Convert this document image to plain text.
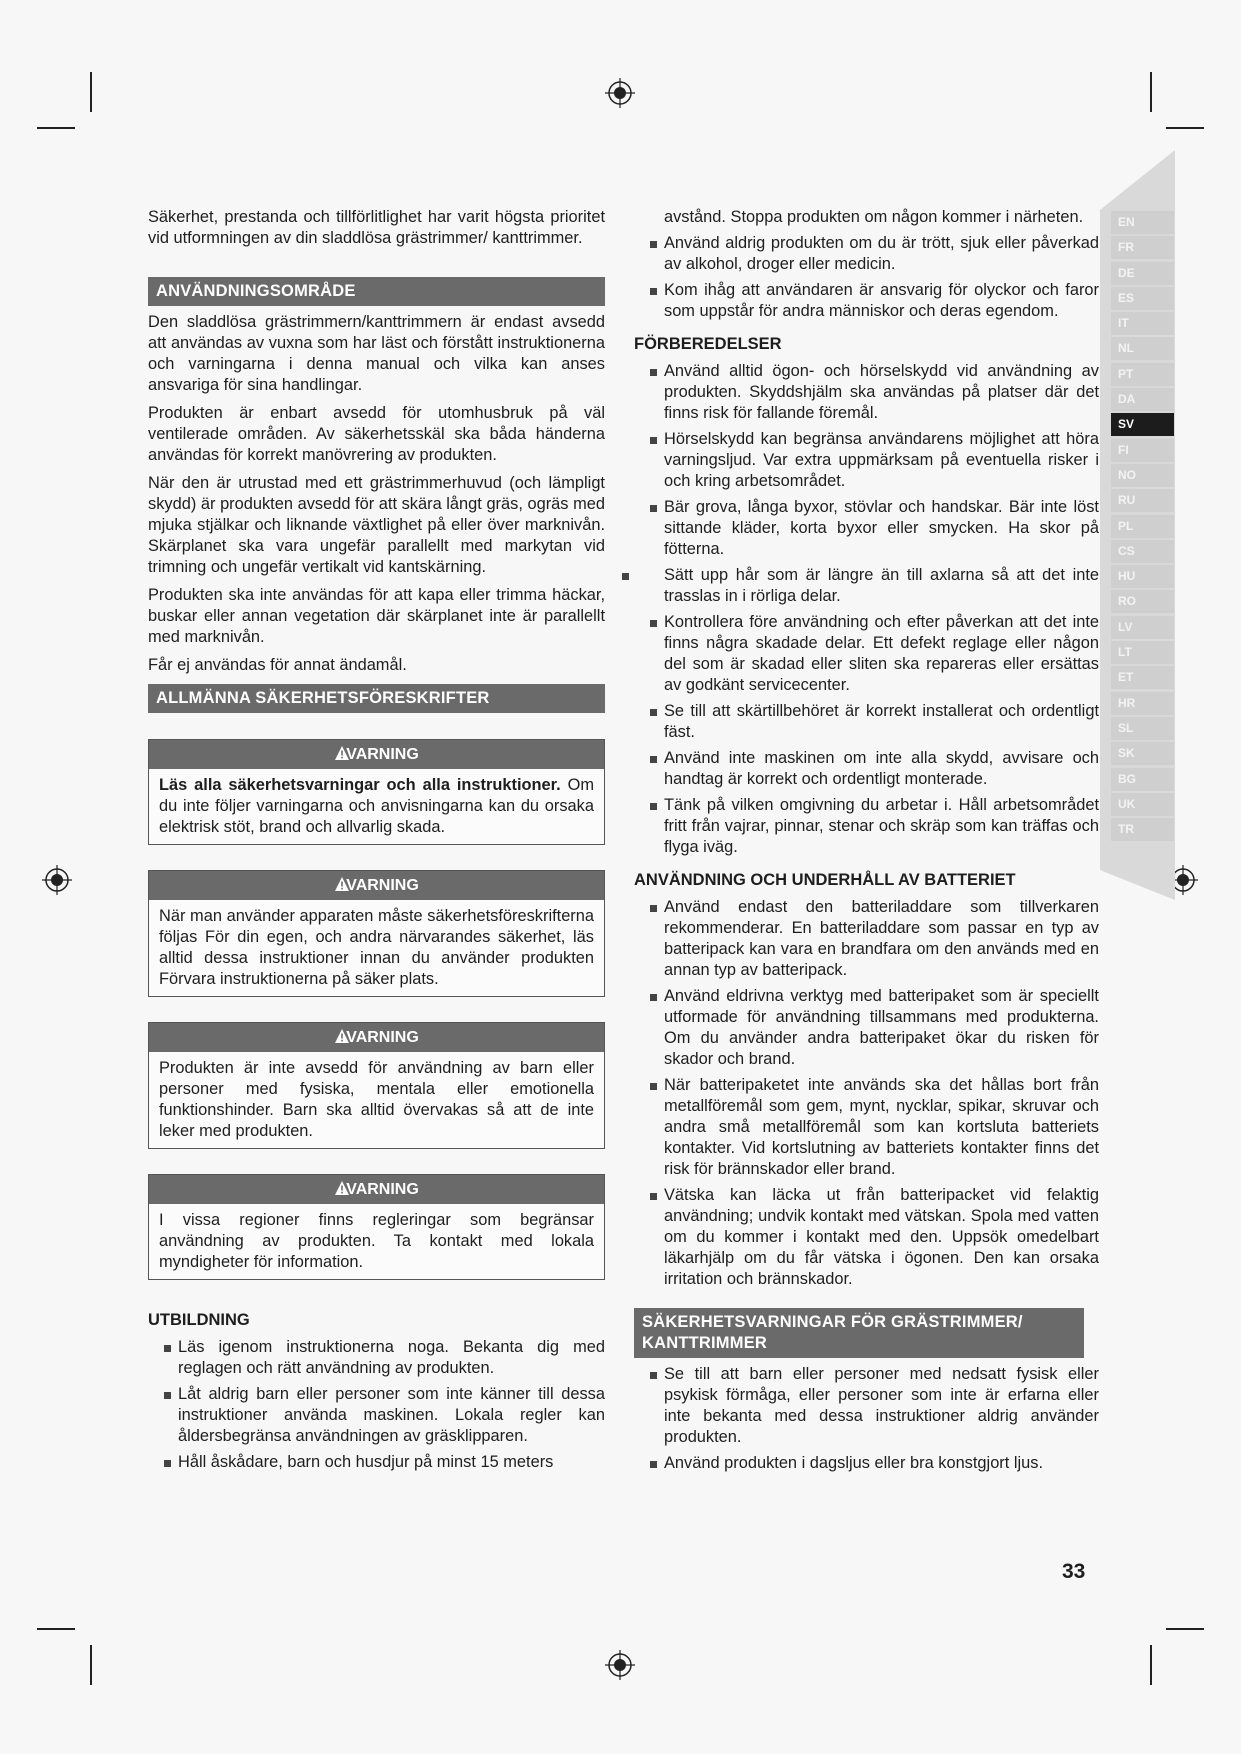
EN
FR
DE
ES
IT
NL
PT
DA
SV
FI
NO
RU
PL
CS
HU
RO
LV
LT
ET
HR
SL
SK
BG
UK
TR

Säkerhet, prestanda och tillförlitlighet har varit högsta prioritet vid utformningen av din sladdlösa grästrimmer/ kanttrimmer.

ANVÄNDNINGSOMRÅDE

Den sladdlösa grästrimmern/kanttrimmern är endast avsedd att användas av vuxna som har läst och förstått instruktionerna och varningarna i denna manual och vilka kan anses ansvariga för sina handlingar.

Produkten är enbart avsedd för utomhusbruk på väl ventilerade områden. Av säkerhetsskäl ska båda händerna användas för korrekt manövrering av produkten.

När den är utrustad med ett grästrimmerhuvud (och lämpligt skydd) är produkten avsedd för att skära långt gräs, ogräs med mjuka stjälkar och liknande växtlighet på eller över marknivån. Skärplanet ska vara ungefär parallellt med markytan vid trimning och ungefär vertikalt vid kantskärning.

Produkten ska inte användas för att kapa eller trimma häckar, buskar eller annan vegetation där skärplanet inte är parallellt med marknivån.

Får ej användas för annat ändamål.

ALLMÄNNA SÄKERHETSFÖRESKRIFTER
VARNING
Läs alla säkerhetsvarningar och alla instruktioner. Om du inte följer varningarna och anvisningarna kan du orsaka elektrisk stöt, brand och allvarlig skada.
VARNING
När man använder apparaten måste säkerhetsföreskrifterna följas För din egen, och andra närvarandes säkerhet, läs alltid dessa instruktioner innan du använder produkten Förvara instruktionerna på säker plats.
VARNING
Produkten är inte avsedd för användning av barn eller personer med fysiska, mentala eller emotionella funktionshinder. Barn ska alltid övervakas så att de inte leker med produkten.
VARNING
I vissa regioner finns regleringar som begränsar användning av produkten. Ta kontakt med lokala myndigheter för information.
UTBILDNING
Läs igenom instruktionerna noga. Bekanta dig med reglagen och rätt användning av produkten.
Låt aldrig barn eller personer som inte känner till dessa instruktioner använda maskinen. Lokala regler kan åldersbegränsa användningen av gräsklipparen.
Håll åskådare, barn och husdjur på minst 15 meters

avstånd. Stoppa produkten om någon kommer i närheten.

Använd aldrig produkten om du är trött, sjuk eller påverkad av alkohol, droger eller medicin.
Kom ihåg att användaren är ansvarig för olyckor och faror som uppstår för andra människor och deras egendom.
FÖRBEREDELSER
Använd alltid ögon- och hörselskydd vid användning av produkten. Skyddshjälm ska användas på platser där det finns risk för fallande föremål.
Hörselskydd kan begränsa användarens möjlighet att höra varningsljud. Var extra uppmärksam på eventuella risker i och kring arbetsområdet.
Bär grova, långa byxor, stövlar och handskar. Bär inte löst sittande kläder, korta byxor eller smycken. Ha skor på fötterna.
Sätt upp hår som är längre än till axlarna så att det inte trasslas in i rörliga delar.
Kontrollera före användning och efter påverkan att det inte finns några skadade delar. Ett defekt reglage eller någon del som är skadad eller sliten ska repareras eller ersättas av godkänt servicecenter.
Se till att skärtillbehöret är korrekt installerat och ordentligt fäst.
Använd inte maskinen om inte alla skydd, avvisare och handtag är korrekt och ordentligt monterade.
Tänk på vilken omgivning du arbetar i. Håll arbetsområdet fritt från vajrar, pinnar, stenar och skräp som kan träffas och flyga iväg.
ANVÄNDNING OCH UNDERHÅLL AV BATTERIET
Använd endast den batteriladdare som tillverkaren rekommenderar. En batteriladdare som passar en typ av batteripack kan vara en brandfara om den används med en annan typ av batteripack.
Använd eldrivna verktyg med batteripaket som är speciellt utformade för användning tillsammans med produkterna. Om du använder andra batteripaket ökar du risken för skador och brand.
När batteripaketet inte används ska det hållas bort från metallföremål som gem, mynt, nycklar, spikar, skruvar och andra små metallföremål som kan kortsluta batteriets kontakter. Vid kortslutning av batteriets kontakter finns det risk för brännskador eller brand.
Vätska kan läcka ut från batteripacket vid felaktig användning; undvik kontakt med vätskan. Spola med vatten om du kommer i kontakt med den. Uppsök omedelbart läkarhjälp om du får vätska i ögonen. Den kan orsaka irritation och brännskador.
SÄKERHETSVARNINGAR FÖR GRÄSTRIMMER/ KANTTRIMMER
Se till att barn eller personer med nedsatt fysisk eller psykisk förmåga, eller personer som inte är erfarna eller inte bekanta med dessa instruktioner aldrig använder produkten.
Använd produkten i dagsljus eller bra konstgjort ljus.
33
